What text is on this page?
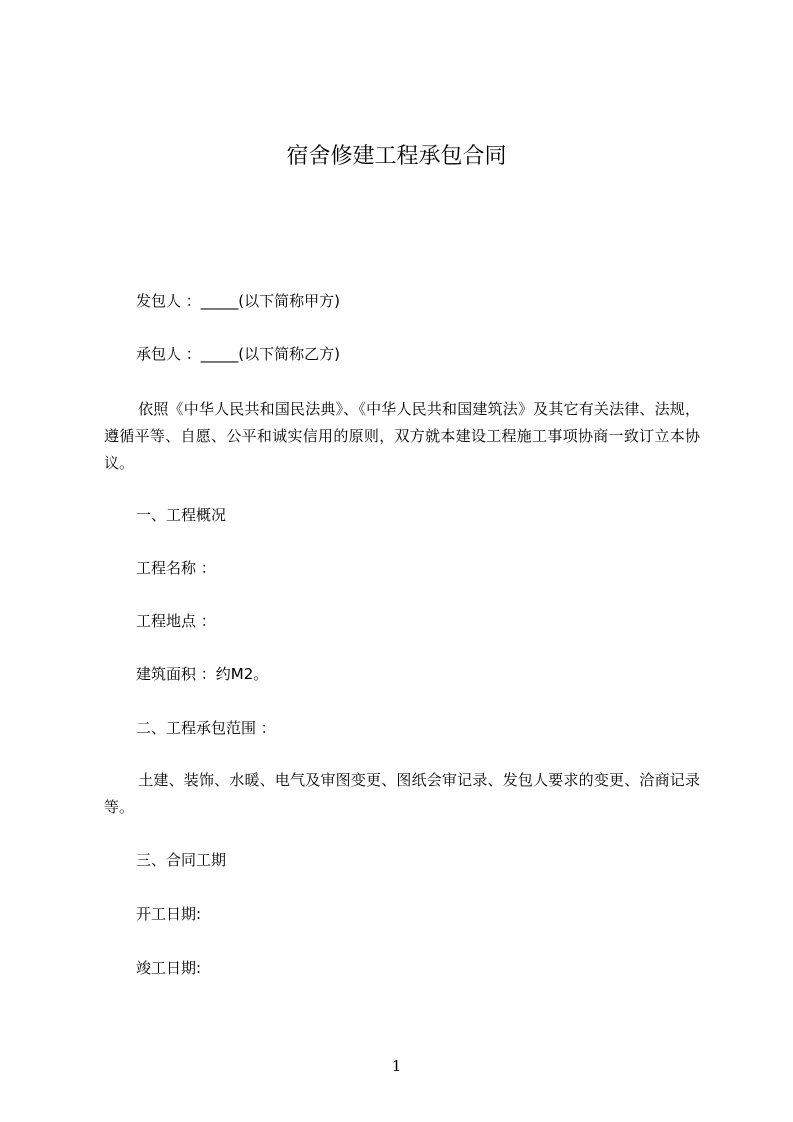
宿舍修建工程承包合同
发包人 ：_____(以下简称甲方)
承包人 ：_____(以下简称乙方)
依照《中华人民共和国民法典》、《中华人民共和国建筑法》及其它有关法律、法规，遵循平等、自愿、公平和诚实信用的原则，双方就本建设工程施工事项协商一致订立本协议。
一、工程概况
工程名称 ：
工程地点 ：
建筑面积 ：约M2。
二、工程承包范围 ：
土建、装饰、水暖、电气及审图变更、图纸会审记录、发包人要求的变更、洽商记录等。
三、合同工期
开工日期:
竣工日期:
1
